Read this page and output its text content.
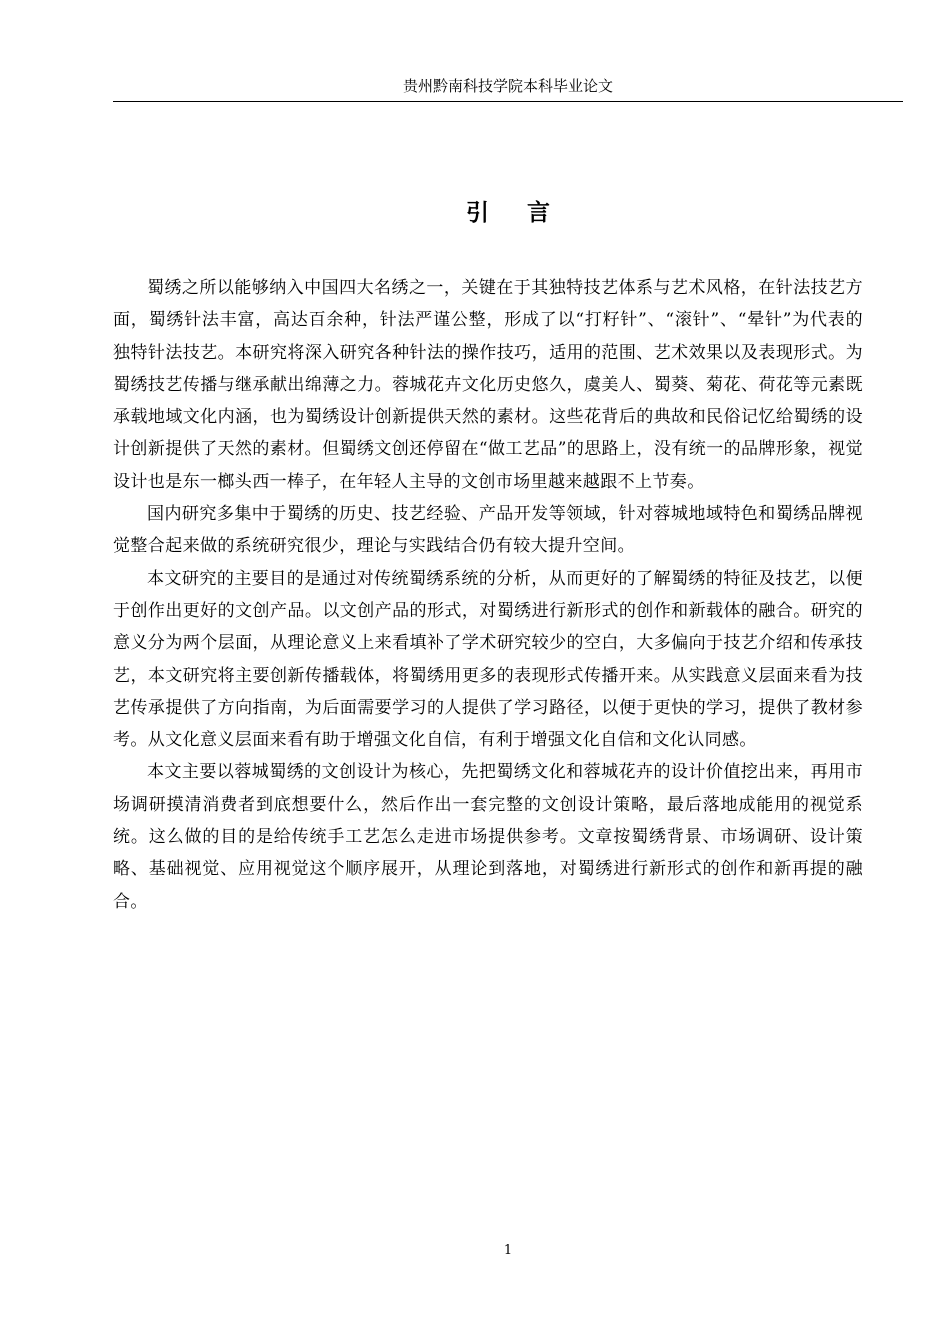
贵州黔南科技学院本科毕业论文
引言

蜀绣之所以能够纳入中国四大名绣之一，关键在于其独特技艺体系与艺术风格，在针法技艺方面，蜀绣针法丰富，高达百余种，针法严谨公整，形成了以“打籽针”、“滚针”、“晕针”为代表的独特针法技艺。本研究将深入研究各种针法的操作技巧，适用的范围、艺术效果以及表现形式。为蜀绣技艺传播与继承献出绵薄之力。蓉城花卉文化历史悠久，虞美人、蜀葵、菊花、荷花等元素既承载地域文化内涵，也为蜀绣设计创新提供天然的素材。这些花背后的典故和民俗记忆给蜀绣的设计创新提供了天然的素材。但蜀绣文创还停留在“做工艺品”的思路上，没有统一的品牌形象，视觉设计也是东一榔头西一棒子，在年轻人主导的文创市场里越来越跟不上节奏。

国内研究多集中于蜀绣的历史、技艺经验、产品开发等领域，针对蓉城地域特色和蜀绣品牌视觉整合起来做的系统研究很少，理论与实践结合仍有较大提升空间。

本文研究的主要目的是通过对传统蜀绣系统的分析，从而更好的了解蜀绣的特征及技艺，以便于创作出更好的文创产品。以文创产品的形式，对蜀绣进行新形式的创作和新载体的融合。研究的意义分为两个层面，从理论意义上来看填补了学术研究较少的空白，大多偏向于技艺介绍和传承技艺，本文研究将主要创新传播载体，将蜀绣用更多的表现形式传播开来。从实践意义层面来看为技艺传承提供了方向指南，为后面需要学习的人提供了学习路径，以便于更快的学习，提供了教材参考。从文化意义层面来看有助于增强文化自信，有利于增强文化自信和文化认同感。

本文主要以蓉城蜀绣的文创设计为核心，先把蜀绣文化和蓉城花卉的设计价值挖出来，再用市场调研摸清消费者到底想要什么，然后作出一套完整的文创设计策略，最后落地成能用的视觉系统。这么做的目的是给传统手工艺怎么走进市场提供参考。文章按蜀绣背景、市场调研、设计策略、基础视觉、应用视觉这个顺序展开，从理论到落地，对蜀绣进行新形式的创作和新再提的融合。

1
